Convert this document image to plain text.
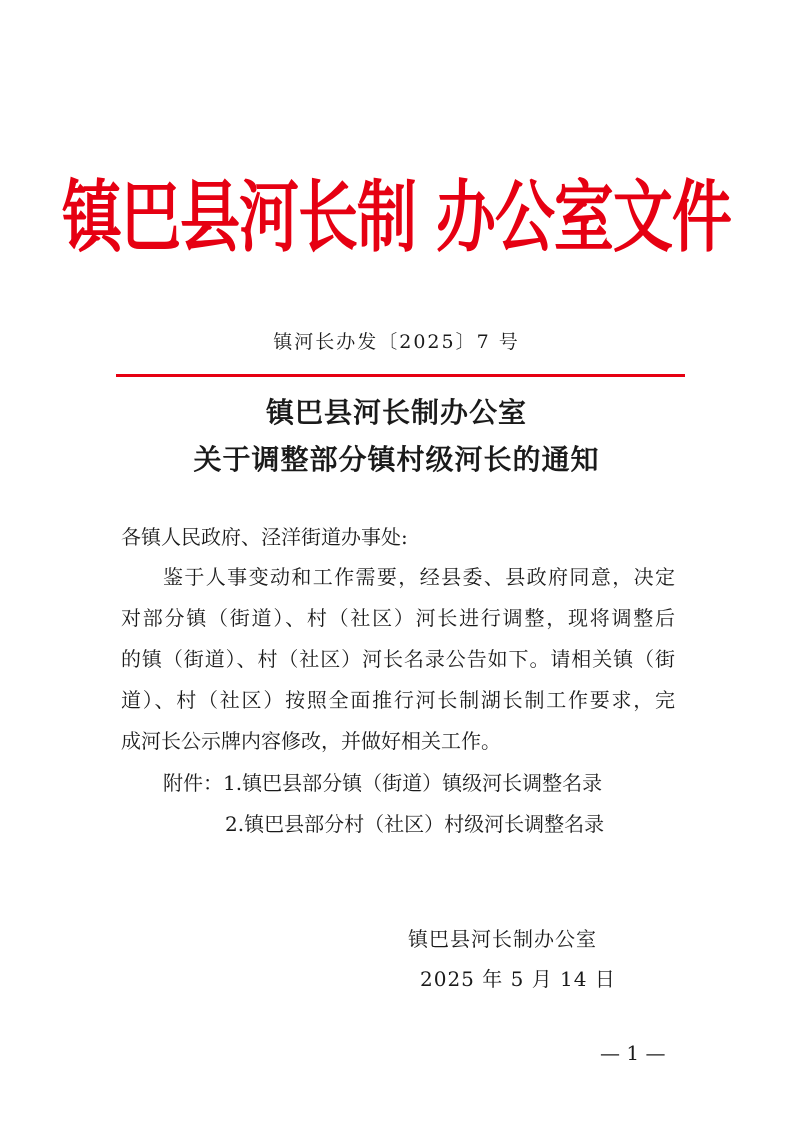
镇巴县河长制 办公室文件
镇河长办发〔2025〕7 号
镇巴县河长制办公室
关于调整部分镇村级河长的通知
各镇人民政府、泾洋街道办事处:
鉴于人事变动和工作需要，经县委、县政府同意，决定
对部分镇（街道）、村（社区）河长进行调整，现将调整后
的镇（街道）、村（社区）河长名录公告如下。请相关镇（街
道）、村（社区）按照全面推行河长制湖长制工作要求，完
成河长公示牌内容修改，并做好相关工作。
附件：1.镇巴县部分镇（街道）镇级河长调整名录
2.镇巴县部分村（社区）村级河长调整名录
镇巴县河长制办公室
2025 年 5 月 14 日
— 1 —
